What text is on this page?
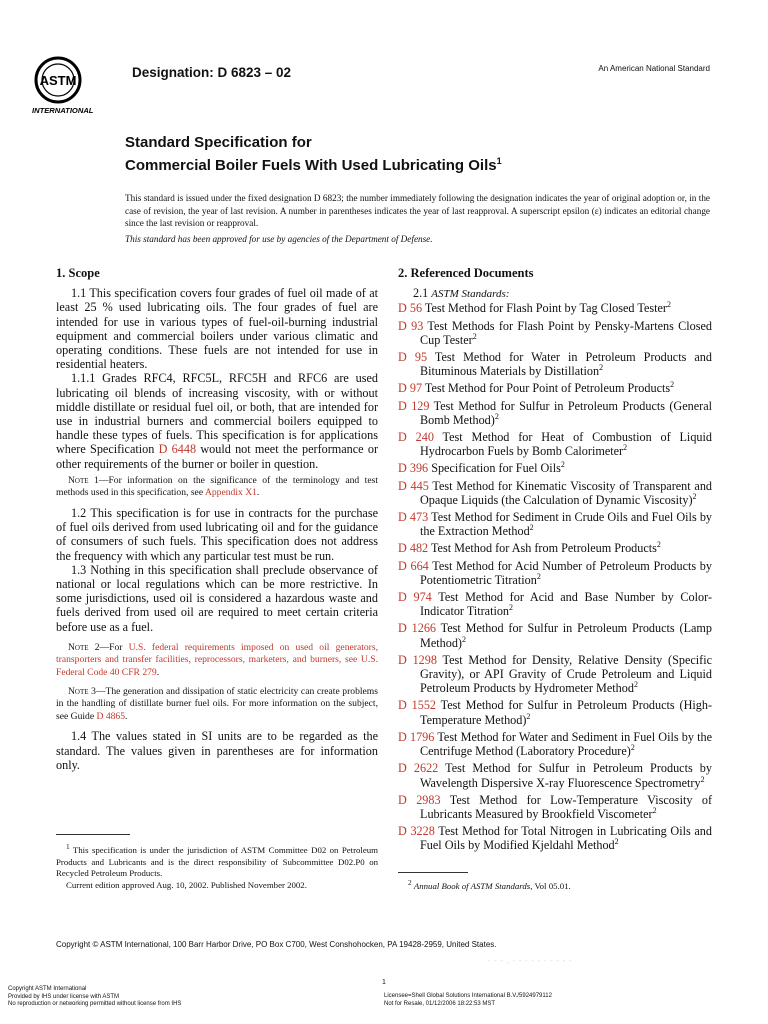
ASTM
INTERNATIONAL
Designation: D 6823 – 02	An American National Standard
Standard Specification for
Commercial Boiler Fuels With Used Lubricating Oils$^1$
This standard is issued under the fixed designation D 6823; the number immediately following the designation indicates the year of original adoption or, in the case of revision, the year of last revision. A number in parentheses indicates the year of last reapproval. A superscript epsilon (ε) indicates an editorial change since the last revision or reapproval.
This standard has been approved for use by agencies of the Department of Defense.
1. Scope

1.1 This specification covers four grades of fuel oil made of at least 25 % used lubricating oils. The four grades of fuel are intended for use in various types of fuel-oil-burning industrial equipment and commercial boilers under various climatic and operating conditions. These fuels are not intended for use in residential heaters.

1.1.1 Grades RFC4, RFC5L, RFC5H and RFC6 are used lubricating oil blends of increasing viscosity, with or without middle distillate or residual fuel oil, or both, that are intended for use in industrial burners and commercial boilers equipped to handle these types of fuels. This specification is for applications where Specification D 6448 would not meet the performance or other requirements of the burner or boiler in question.

Note 1—For information on the significance of the terminology and test methods used in this specification, see Appendix X1.

1.2 This specification is for use in contracts for the purchase of fuel oils derived from used lubricating oil and for the guidance of consumers of such fuels. This specification does not address the frequency with which any particular test must be run.

1.3 Nothing in this specification shall preclude observance of national or local regulations which can be more restrictive. In some jurisdictions, used oil is considered a hazardous waste and fuels derived from used oil are required to meet certain criteria before use as a fuel.

Note 2—For U.S. federal requirements imposed on used oil generators, transporters and transfer facilities, reprocessors, marketers, and burners, see U.S. Federal Code 40 CFR 279.

Note 3—The generation and dissipation of static electricity can create problems in the handling of distillate burner fuel oils. For more information on the subject, see Guide D 4865.

1.4 The values stated in SI units are to be regarded as the standard. The values given in parentheses are for information only.

2. Referenced Documents

2.1 ASTM Standards:

D 56 Test Method for Flash Point by Tag Closed Tester$^2$

D 93 Test Methods for Flash Point by Pensky-Martens Closed Cup Tester$^2$

D 95 Test Method for Water in Petroleum Products and Bituminous Materials by Distillation$^2$

D 97 Test Method for Pour Point of Petroleum Products$^2$

D 129 Test Method for Sulfur in Petroleum Products (General Bomb Method)$^2$

D 240 Test Method for Heat of Combustion of Liquid Hydrocarbon Fuels by Bomb Calorimeter$^2$

D 396 Specification for Fuel Oils$^2$

D 445 Test Method for Kinematic Viscosity of Transparent and Opaque Liquids (the Calculation of Dynamic Viscosity)$^2$

D 473 Test Method for Sediment in Crude Oils and Fuel Oils by the Extraction Method$^2$

D 482 Test Method for Ash from Petroleum Products$^2$

D 664 Test Method for Acid Number of Petroleum Products by Potentiometric Titration$^2$

D 974 Test Method for Acid and Base Number by Color-Indicator Titration$^2$

D 1266 Test Method for Sulfur in Petroleum Products (Lamp Method)$^2$

D 1298 Test Method for Density, Relative Density (Specific Gravity), or API Gravity of Crude Petroleum and Liquid Petroleum Products by Hydrometer Method$^2$

D 1552 Test Method for Sulfur in Petroleum Products (High-Temperature Method)$^2$

D 1796 Test Method for Water and Sediment in Fuel Oils by the Centrifuge Method (Laboratory Procedure)$^2$

D 2622 Test Method for Sulfur in Petroleum Products by Wavelength Dispersive X-ray Fluorescence Spectrometry$^2$

D 2983 Test Method for Low-Temperature Viscosity of Lubricants Measured by Brookfield Viscometer$^2$

D 3228 Test Method for Total Nitrogen in Lubricating Oils and Fuel Oils by Modified Kjeldahl Method$^2$

$^1$ This specification is under the jurisdiction of ASTM Committee D02 on Petroleum Products and Lubricants and is the direct responsibility of Subcommittee D02.P0 on Recycled Petroleum Products.

Current edition approved Aug. 10, 2002. Published November 2002.	$^2$ Annual Book of ASTM Standards, Vol 05.01.
Copyright © ASTM International, 100 Barr Harbor Drive, PO Box C700, West Conshohocken, PA 19428-2959, United States.
- - - , - - - - - - - - - -
1
Copyright ASTM International
Provided by IHS under license with ASTM
No reproduction or networking permitted without license from IHS
Licensee=Shell Global Solutions International B.V./5924979112
Not for Resale, 01/12/2006 18:22:53 MST
